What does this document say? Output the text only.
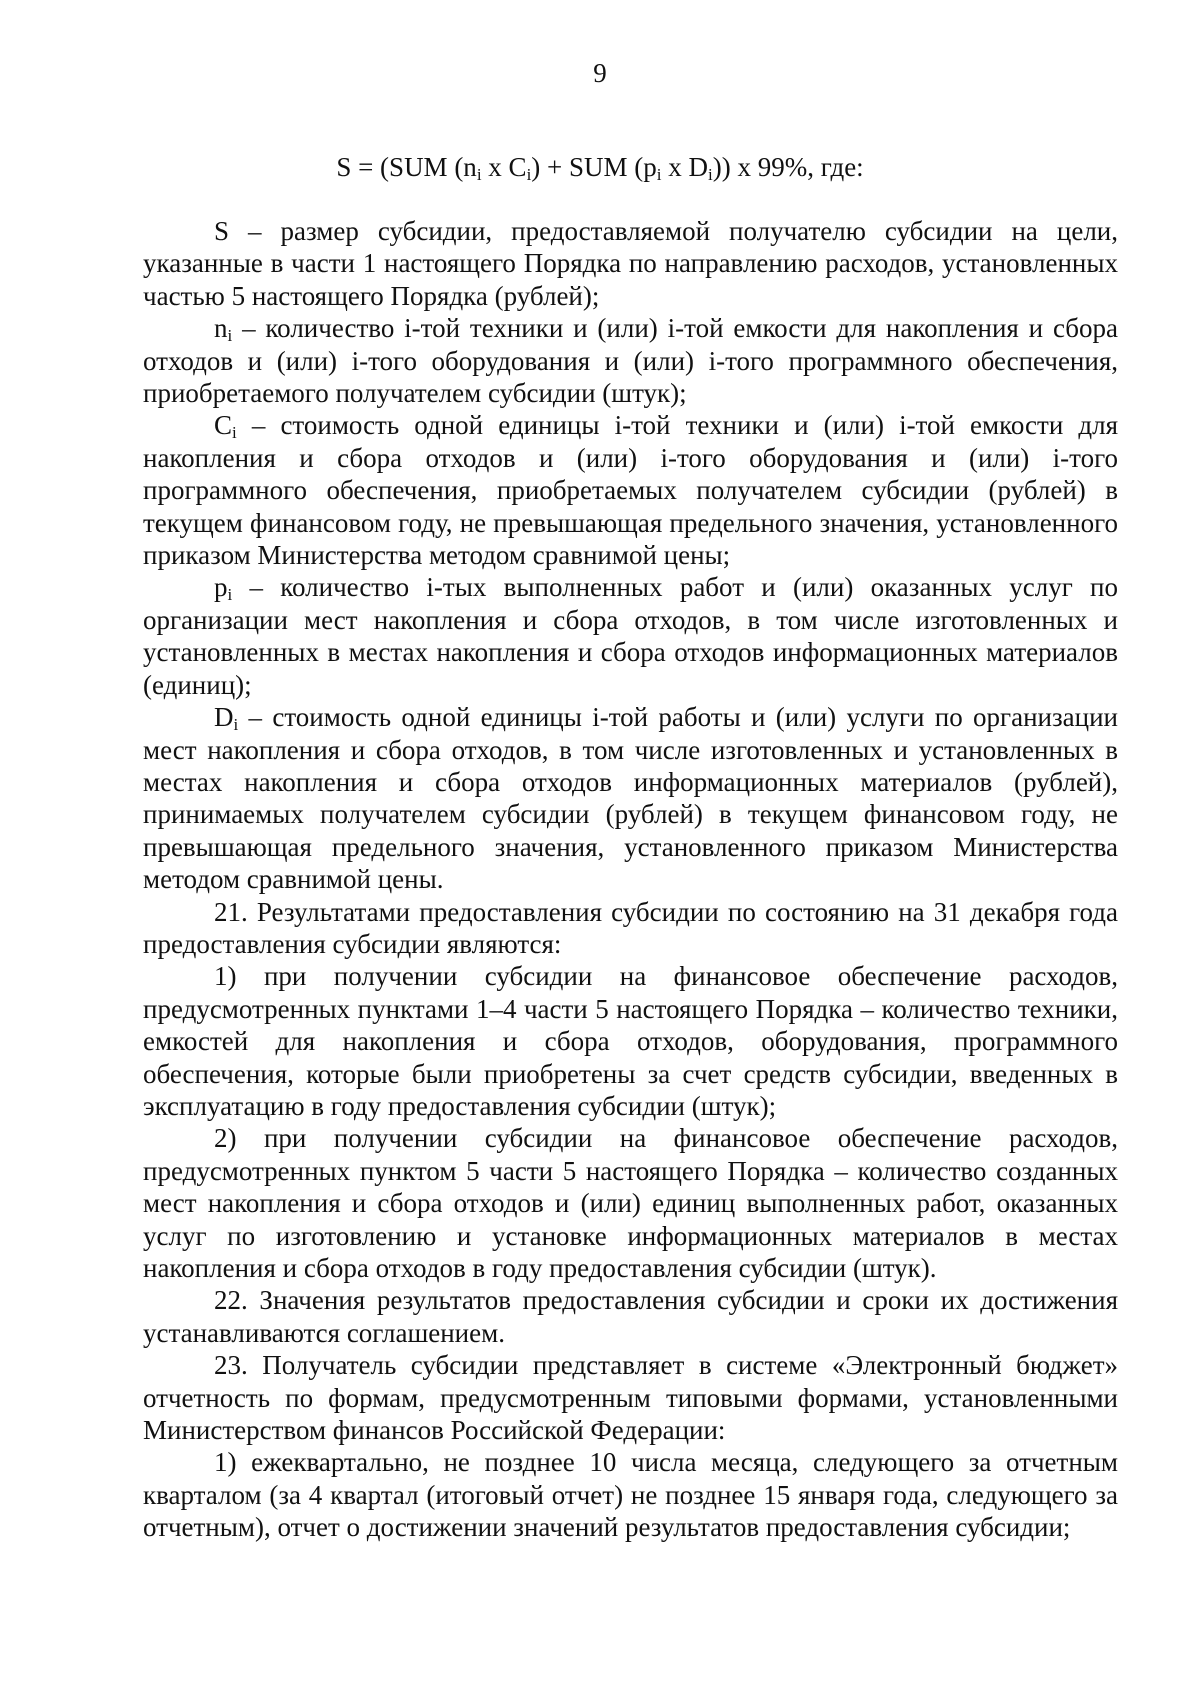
9
S = (SUM ($n_i$ x $C_i$) + SUM ($p_i$ x $D_i$)) x 99%, где:

S – размер субсидии, предоставляемой получателю субсидии на цели, указанные в части 1 настоящего Порядка по направлению расходов, установленных частью 5 настоящего Порядка (рублей);

$n_i$ – количество i-той техники и (или) i-той емкости для накопления и сбора отходов и (или) i-того оборудования и (или) i-того программного обеспечения, приобретаемого получателем субсидии (штук);

$C_i$ – стоимость одной единицы i-той техники и (или) i-той емкости для накопления и сбора отходов и (или) i-того оборудования и (или) i-того программного обеспечения, приобретаемых получателем субсидии (рублей) в текущем финансовом году, не превышающая предельного значения, установленного приказом Министерства методом сравнимой цены;

$p_i$ – количество i-тых выполненных работ и (или) оказанных услуг по организации мест накопления и сбора отходов, в том числе изготовленных и установленных в местах накопления и сбора отходов информационных материалов (единиц);

$D_i$ – стоимость одной единицы i-той работы и (или) услуги по организации мест накопления и сбора отходов, в том числе изготовленных и установленных в местах накопления и сбора отходов информационных материалов (рублей), принимаемых получателем субсидии (рублей) в текущем финансовом году, не превышающая предельного значения, установленного приказом Министерства методом сравнимой цены.

21. Результатами предоставления субсидии по состоянию на 31 декабря года предоставления субсидии являются:

1) при получении субсидии на финансовое обеспечение расходов, предусмотренных пунктами 1–4 части 5 настоящего Порядка – количество техники, емкостей для накопления и сбора отходов, оборудования, программного обеспечения, которые были приобретены за счет средств субсидии, введенных в эксплуатацию в году предоставления субсидии (штук);

2) при получении субсидии на финансовое обеспечение расходов, предусмотренных пунктом 5 части 5 настоящего Порядка – количество созданных мест накопления и сбора отходов и (или) единиц выполненных работ, оказанных услуг по изготовлению и установке информационных материалов в местах накопления и сбора отходов в году предоставления субсидии (штук).

22. Значения результатов предоставления субсидии и сроки их достижения устанавливаются соглашением.

23. Получатель субсидии представляет в системе «Электронный бюджет» отчетность по формам, предусмотренным типовыми формами, установленными Министерством финансов Российской Федерации:

1) ежеквартально, не позднее 10 числа месяца, следующего за отчетным кварталом (за 4 квартал (итоговый отчет) не позднее 15 января года, следующего за отчетным), отчет о достижении значений результатов предоставления субсидии;
